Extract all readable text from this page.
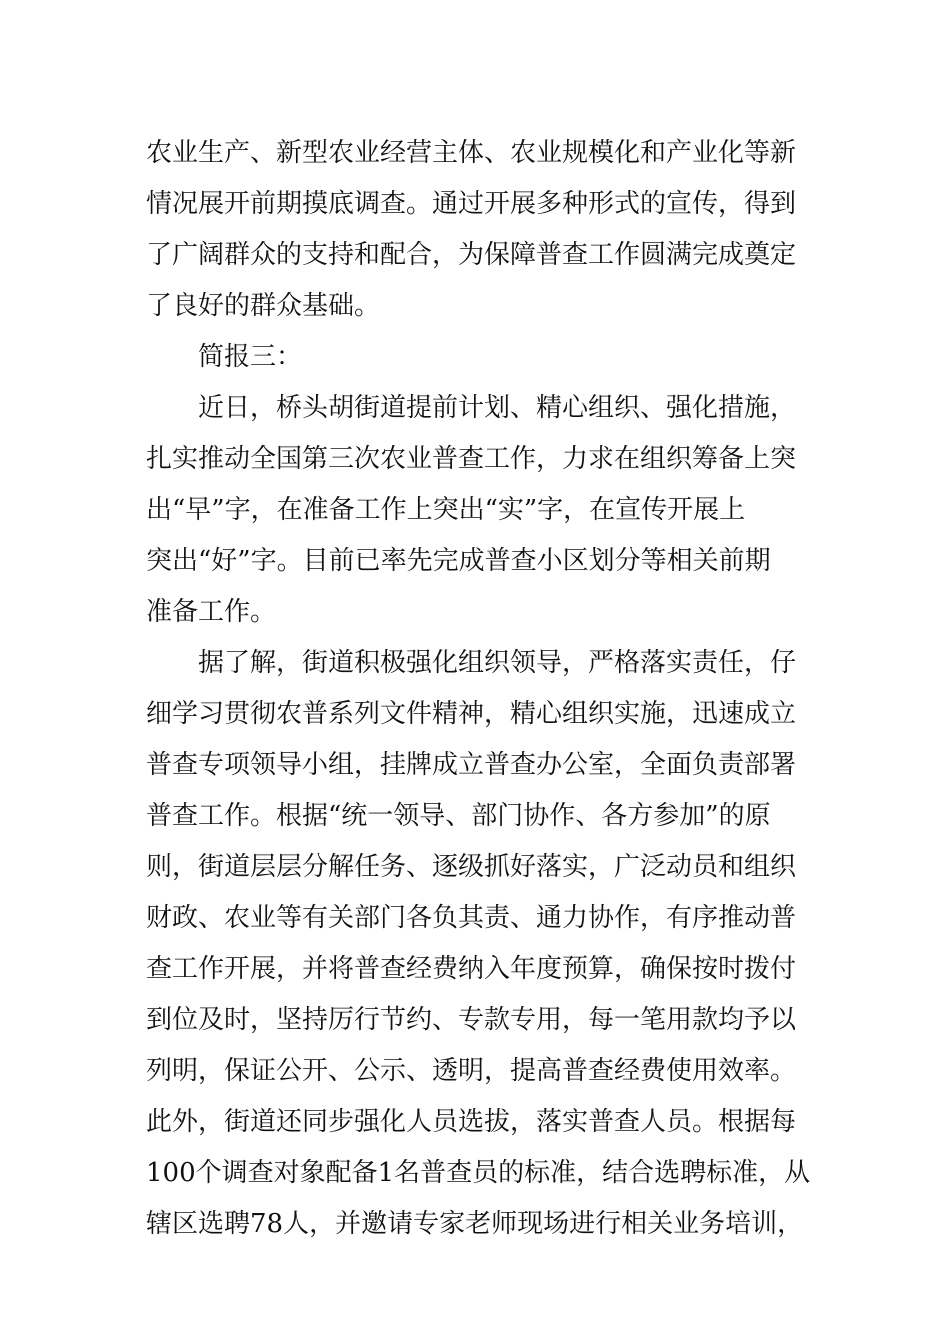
农业生产、新型农业经营主体、农业规模化和产业化等新
情况展开前期摸底调查。通过开展多种形式的宣传，得到
了广阔群众的支持和配合，为保障普查工作圆满完成奠定
了良好的群众基础。
简报三：
近日，桥头胡街道提前计划、精心组织、强化措施，
扎实推动全国第三次农业普查工作，力求在组织筹备上突
出“早”字，在准备工作上突出“实”字，在宣传开展上
突出“好”字。目前已率先完成普查小区划分等相关前期
准备工作。
据了解，街道积极强化组织领导，严格落实责任，仔
细学习贯彻农普系列文件精神，精心组织实施，迅速成立
普查专项领导小组，挂牌成立普查办公室，全面负责部署
普查工作。根据“统一领导、部门协作、各方参加”的原
则，街道层层分解任务、逐级抓好落实，广泛动员和组织
财政、农业等有关部门各负其责、通力协作，有序推动普
查工作开展，并将普查经费纳入年度预算，确保按时拨付
到位及时，坚持厉行节约、专款专用，每一笔用款均予以
列明，保证公开、公示、透明，提高普查经费使用效率。
此外，街道还同步强化人员选拔，落实普查人员。根据每
100个调查对象配备1名普查员的标准，结合选聘标准，从
辖区选聘78人，并邀请专家老师现场进行相关业务培训，
